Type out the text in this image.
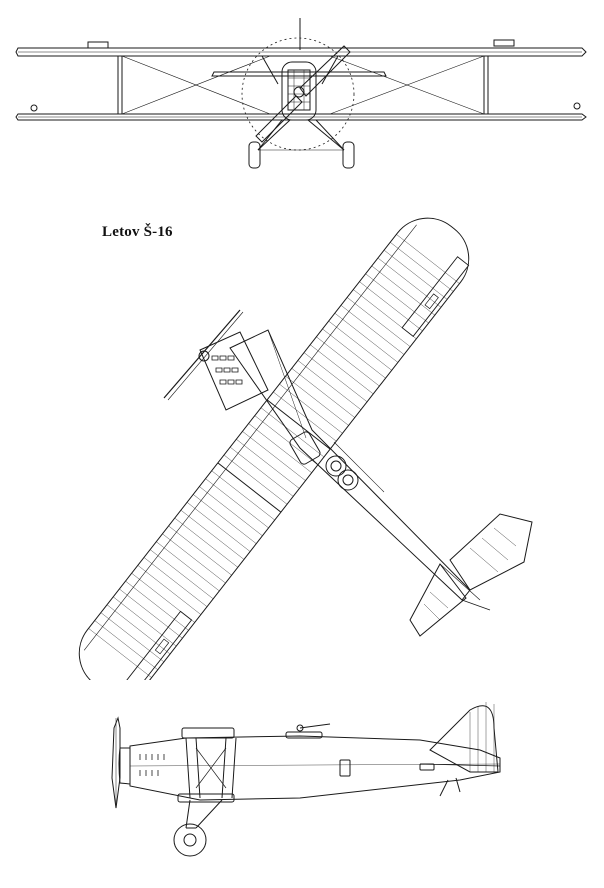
Letov Š-16
